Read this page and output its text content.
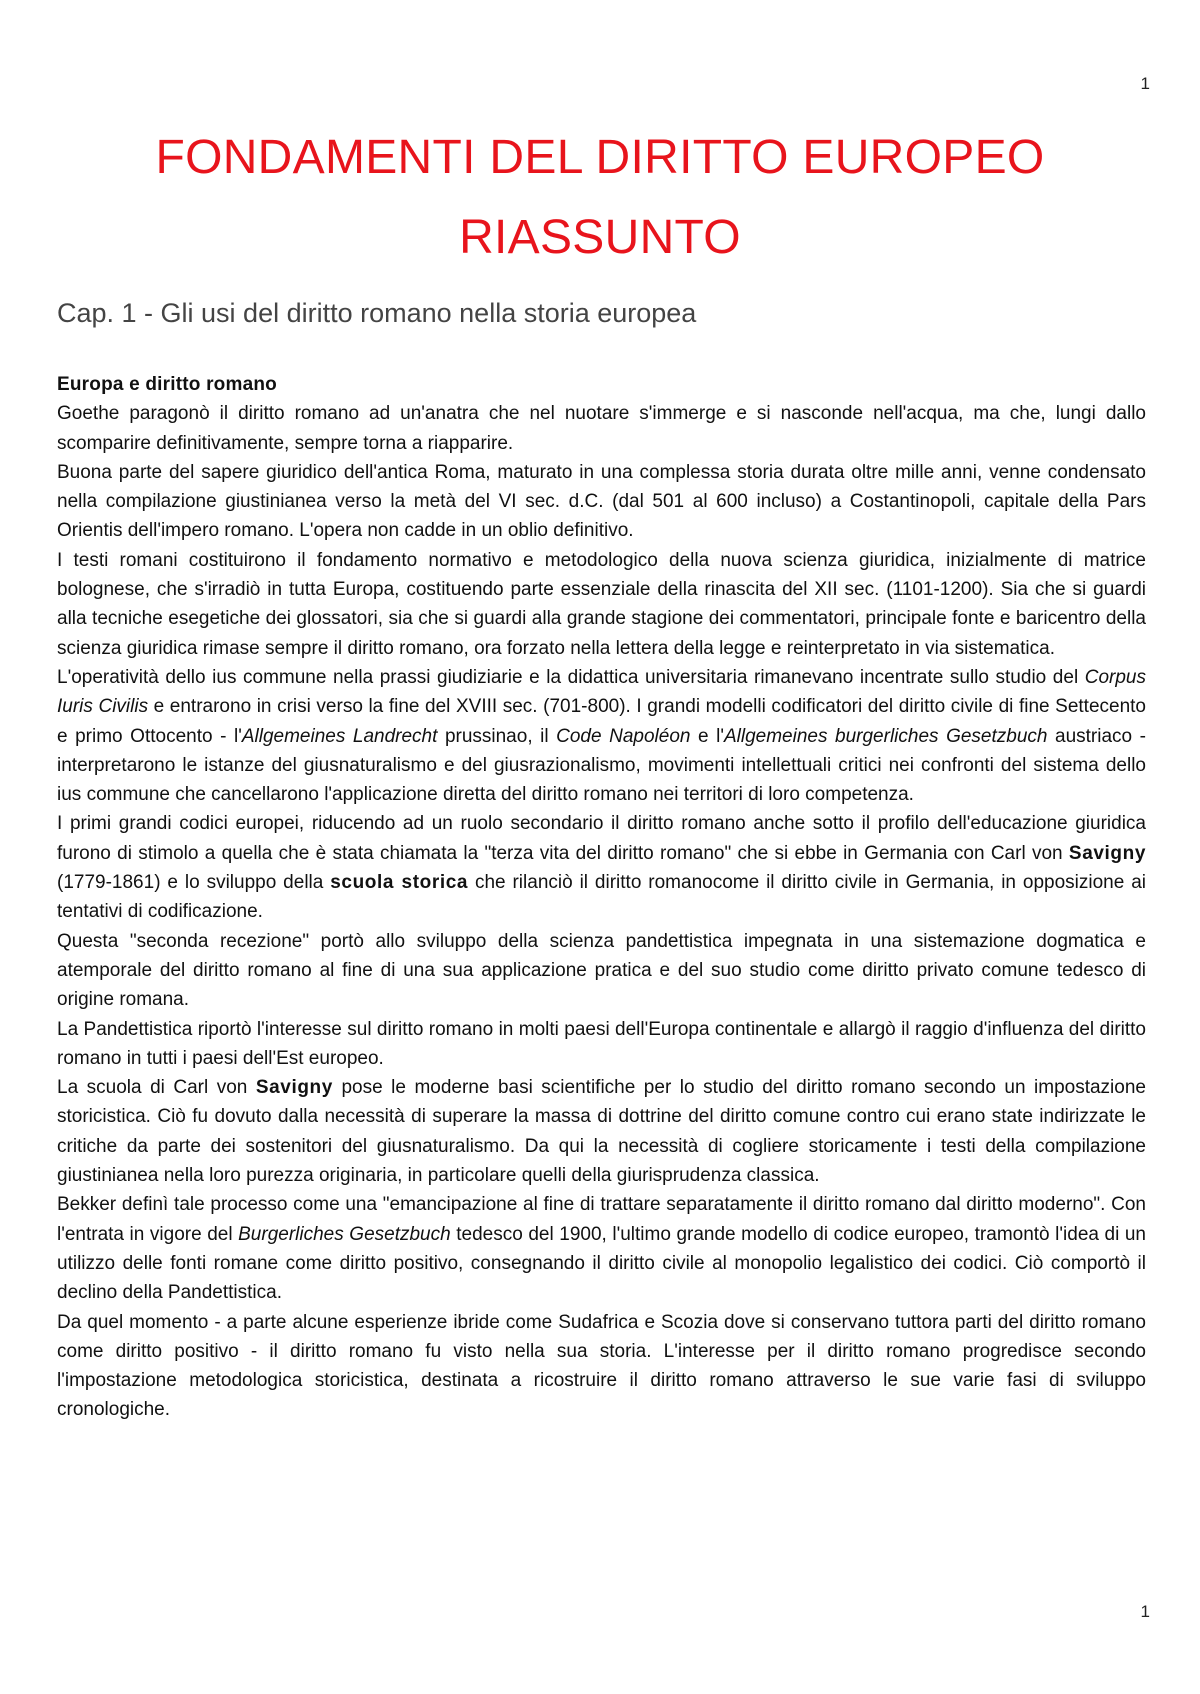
1
FONDAMENTI DEL DIRITTO EUROPEO
RIASSUNTO
Cap. 1 - Gli usi del diritto romano nella storia europea
Europa e diritto romano

Goethe paragonò il diritto romano ad un'anatra che nel nuotare s'immerge e si nasconde nell'acqua, ma che, lungi dallo scomparire definitivamente, sempre torna a riapparire.

Buona parte del sapere giuridico dell'antica Roma, maturato in una complessa storia durata oltre mille anni, venne condensato nella compilazione giustinianea verso la metà del VI sec. d.C. (dal 501 al 600 incluso) a Costantinopoli, capitale della Pars Orientis dell'impero romano. L'opera non cadde in un oblio definitivo.

I testi romani costituirono il fondamento normativo e metodologico della nuova scienza giuridica, inizialmente di matrice bolognese, che s'irradiò in tutta Europa, costituendo parte essenziale della rinascita del XII sec. (1101-1200). Sia che si guardi alla tecniche esegetiche dei glossatori, sia che si guardi alla grande stagione dei commentatori, principale fonte e baricentro della scienza giuridica rimase sempre il diritto romano, ora forzato nella lettera della legge e reinterpretato in via sistematica.

L'operatività dello ius commune nella prassi giudiziarie e la didattica universitaria rimanevano incentrate sullo studio del Corpus Iuris Civilis e entrarono in crisi verso la fine del XVIII sec. (701-800). I grandi modelli codificatori del diritto civile di fine Settecento e primo Ottocento - l'Allgemeines Landrecht prussinao, il Code Napoléon e l'Allgemeines burgerliches Gesetzbuch austriaco - interpretarono le istanze del giusnaturalismo e del giusrazionalismo, movimenti intellettuali critici nei confronti del sistema dello ius commune che cancellarono l'applicazione diretta del diritto romano nei territori di loro competenza.

I primi grandi codici europei, riducendo ad un ruolo secondario il diritto romano anche sotto il profilo dell'educazione giuridica furono di stimolo a quella che è stata chiamata la "terza vita del diritto romano" che si ebbe in Germania con Carl von Savigny (1779-1861) e lo sviluppo della scuola storica che rilanciò il diritto romanocome il diritto civile in Germania, in opposizione ai tentativi di codificazione.

Questa "seconda recezione" portò allo sviluppo della scienza pandettistica impegnata in una sistemazione dogmatica e atemporale del diritto romano al fine di una sua applicazione pratica e del suo studio come diritto privato comune tedesco di origine romana.

La Pandettistica riportò l'interesse sul diritto romano in molti paesi dell'Europa continentale e allargò il raggio d'influenza del diritto romano in tutti i paesi dell'Est europeo.

La scuola di Carl von Savigny pose le moderne basi scientifiche per lo studio del diritto romano secondo un impostazione storicistica. Ciò fu dovuto dalla necessità di superare la massa di dottrine del diritto comune contro cui erano state indirizzate le critiche da parte dei sostenitori del giusnaturalismo. Da qui la necessità di cogliere storicamente i testi della compilazione giustinianea nella loro purezza originaria, in particolare quelli della giurisprudenza classica.

Bekker definì tale processo come una "emancipazione al fine di trattare separatamente il diritto romano dal diritto moderno". Con l'entrata in vigore del Burgerliches Gesetzbuch tedesco del 1900, l'ultimo grande modello di codice europeo, tramontò l'idea di un utilizzo delle fonti romane come diritto positivo, consegnando il diritto civile al monopolio legalistico dei codici. Ciò comportò il declino della Pandettistica.

Da quel momento - a parte alcune esperienze ibride come Sudafrica e Scozia dove si conservano tuttora parti del diritto romano come diritto positivo - il diritto romano fu visto nella sua storia. L'interesse per il diritto romano progredisce secondo l'impostazione metodologica storicistica, destinata a ricostruire il diritto romano attraverso le sue varie fasi di sviluppo cronologiche.

1
